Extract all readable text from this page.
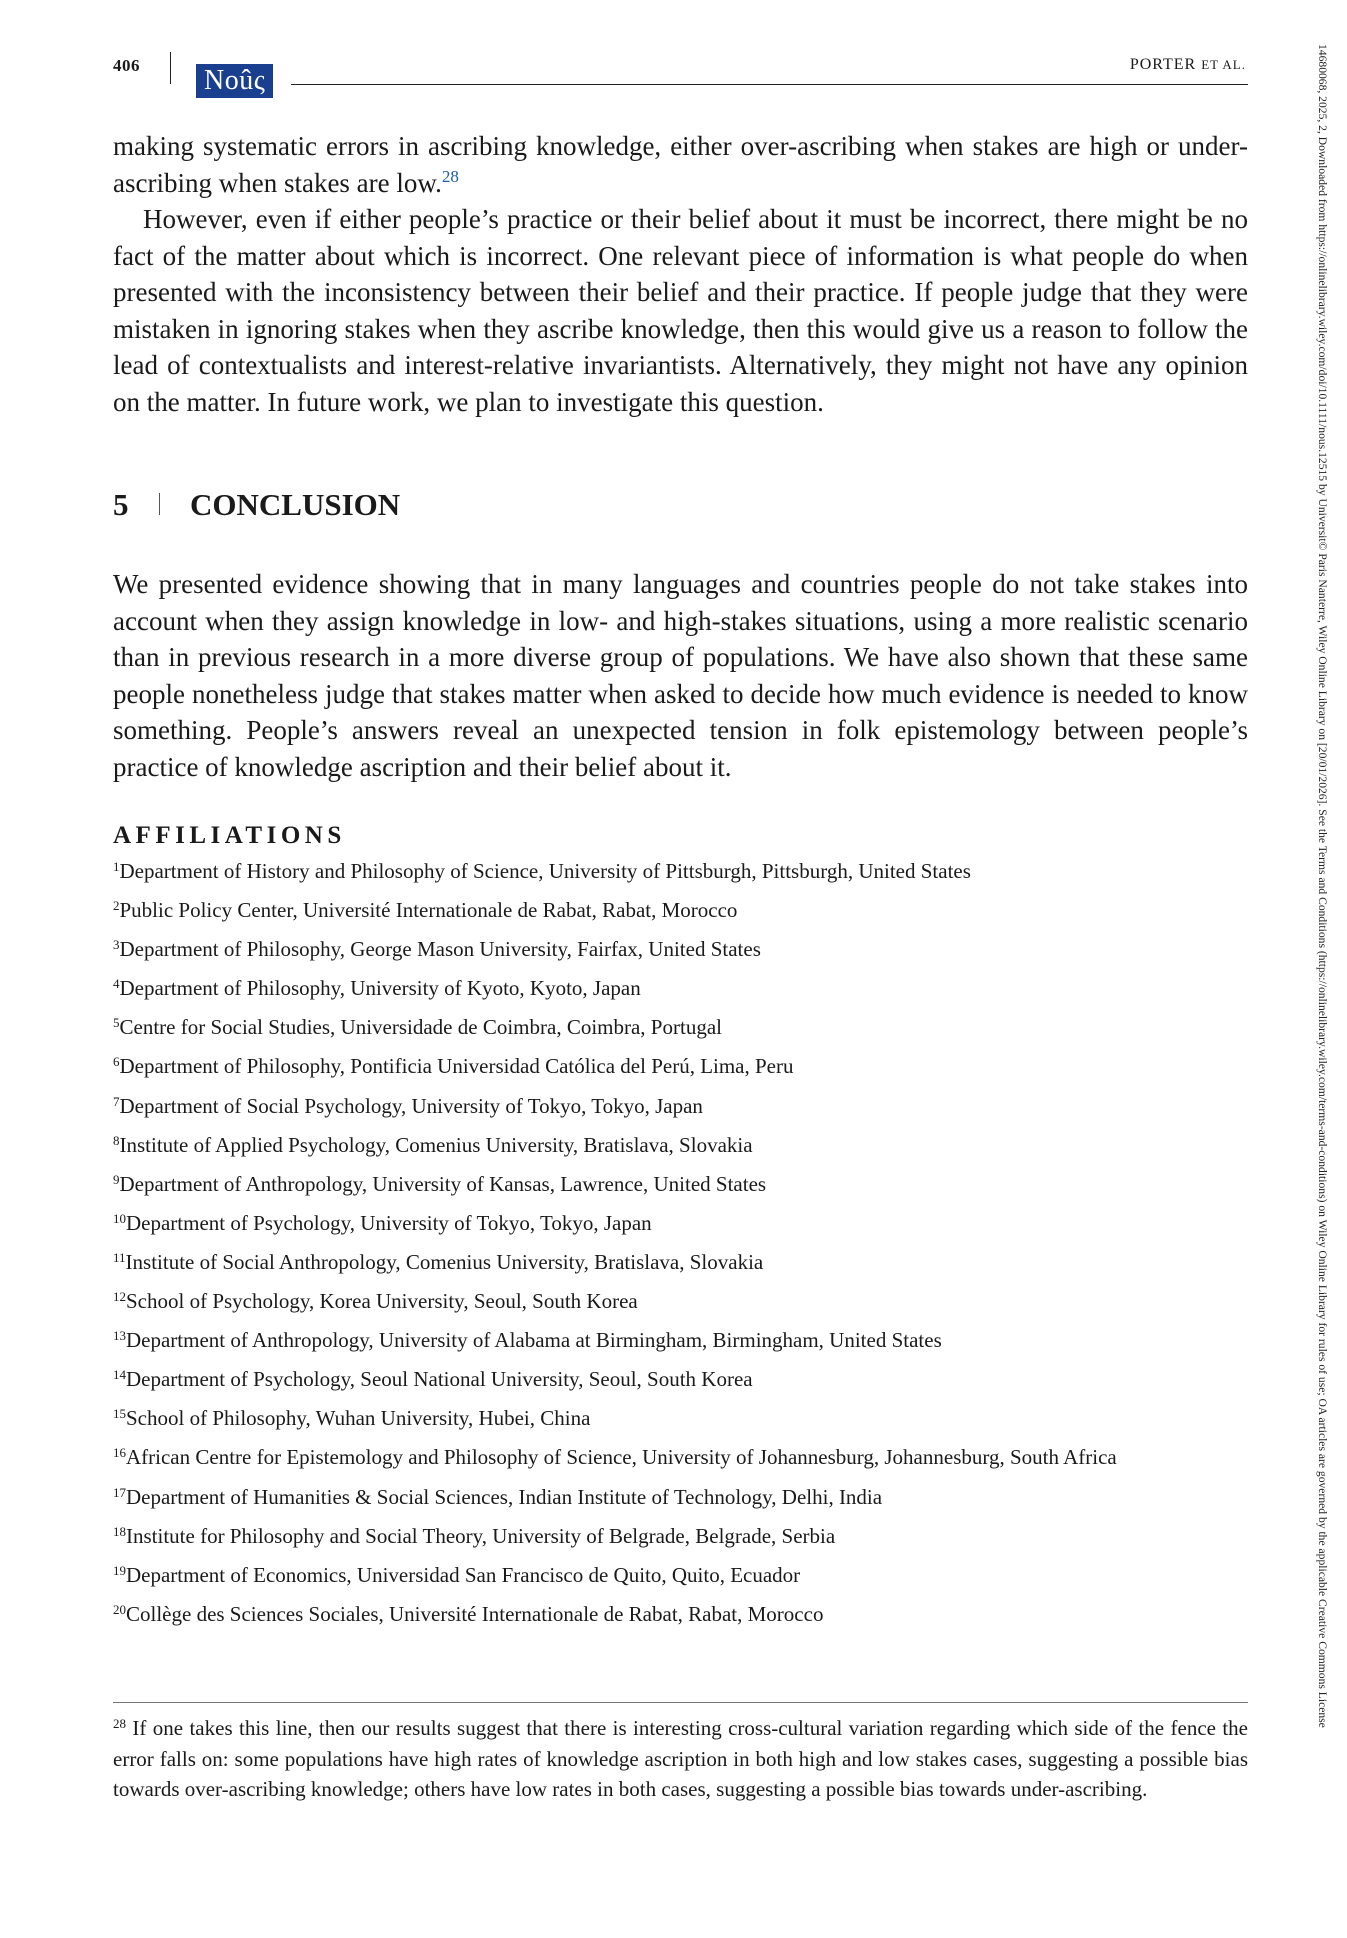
406 Noûς
PORTER ET AL.
making systematic errors in ascribing knowledge, either over-ascribing when stakes are high or under-ascribing when stakes are low.$^{28}$
However, even if either people’s practice or their belief about it must be incorrect, there might be no fact of the matter about which is incorrect. One relevant piece of information is what people do when presented with the inconsistency between their belief and their practice. If people judge that they were mistaken in ignoring stakes when they ascribe knowledge, then this would give us a reason to follow the lead of contextualists and interest-relative invariantists. Alternatively, they might not have any opinion on the matter. In future work, we plan to investigate this question.
5 CONCLUSION
We presented evidence showing that in many languages and countries people do not take stakes into account when they assign knowledge in low- and high-stakes situations, using a more realistic scenario than in previous research in a more diverse group of populations. We have also shown that these same people nonetheless judge that stakes matter when asked to decide how much evidence is needed to know something. People’s answers reveal an unexpected tension in folk epistemology between people’s practice of knowledge ascription and their belief about it.
AFFILIATIONS
$^1$Department of History and Philosophy of Science, University of Pittsburgh, Pittsburgh, United States
$^2$Public Policy Center, Université Internationale de Rabat, Rabat, Morocco
$^3$Department of Philosophy, George Mason University, Fairfax, United States
$^4$Department of Philosophy, University of Kyoto, Kyoto, Japan
$^5$Centre for Social Studies, Universidade de Coimbra, Coimbra, Portugal
$^6$Department of Philosophy, Pontificia Universidad Católica del Perú, Lima, Peru
$^7$Department of Social Psychology, University of Tokyo, Tokyo, Japan
$^8$Institute of Applied Psychology, Comenius University, Bratislava, Slovakia
$^9$Department of Anthropology, University of Kansas, Lawrence, United States
$^{10}$Department of Psychology, University of Tokyo, Tokyo, Japan
$^{11}$Institute of Social Anthropology, Comenius University, Bratislava, Slovakia
$^{12}$School of Psychology, Korea University, Seoul, South Korea
$^{13}$Department of Anthropology, University of Alabama at Birmingham, Birmingham, United States
$^{14}$Department of Psychology, Seoul National University, Seoul, South Korea
$^{15}$School of Philosophy, Wuhan University, Hubei, China
$^{16}$African Centre for Epistemology and Philosophy of Science, University of Johannesburg, Johannesburg, South Africa
$^{17}$Department of Humanities & Social Sciences, Indian Institute of Technology, Delhi, India
$^{18}$Institute for Philosophy and Social Theory, University of Belgrade, Belgrade, Serbia
$^{19}$Department of Economics, Universidad San Francisco de Quito, Quito, Ecuador
$^{20}$Collège des Sciences Sociales, Université Internationale de Rabat, Rabat, Morocco
$^{28}$ If one takes this line, then our results suggest that there is interesting cross-cultural variation regarding which side of the fence the error falls on: some populations have high rates of knowledge ascription in both high and low stakes cases, suggesting a possible bias towards over-ascribing knowledge; others have low rates in both cases, suggesting a possible bias towards under-ascribing.
14680068, 2025, 2, Downloaded from https://onlinelibrary.wiley.com/doi/10.1111/nous.12515 by Universit© Paris Nanterre, Wiley Online Library on [20/01/2026]. See the Terms and Conditions (https://onlinelibrary.wiley.com/terms-and-conditions) on Wiley Online Library for rules of use; OA articles are governed by the applicable Creative Commons License
